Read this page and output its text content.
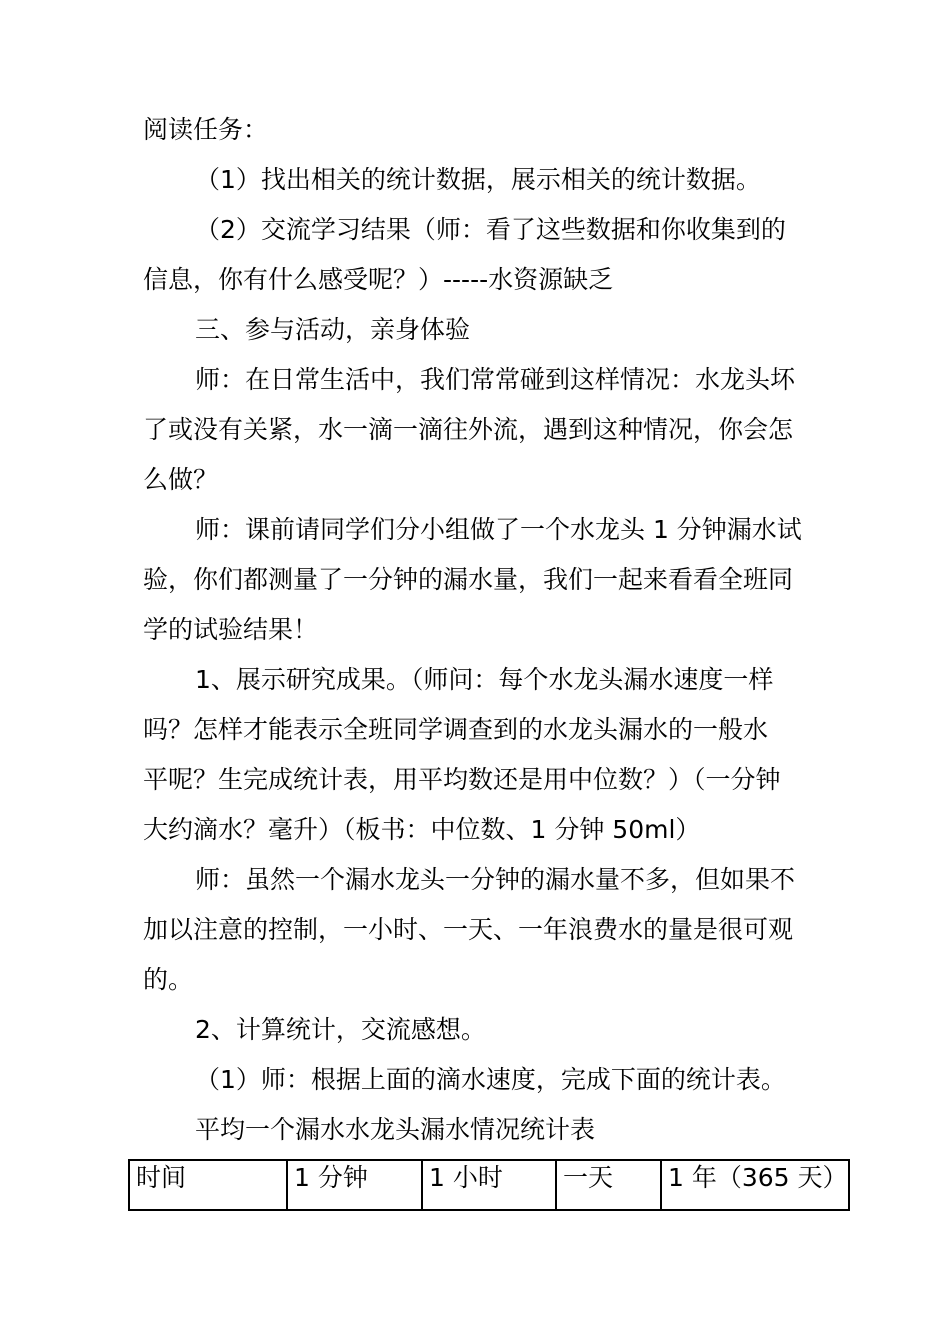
阅读任务：
（1）找出相关的统计数据，展示相关的统计数据。
（2）交流学习结果（师：看了这些数据和你收集到的
信息，你有什么感受呢？）-----水资源缺乏
三、参与活动，亲身体验
师：在日常生活中，我们常常碰到这样情况：水龙头坏
了或没有关紧，水一滴一滴往外流，遇到这种情况，你会怎
么做？
师：课前请同学们分小组做了一个水龙头 1 分钟漏水试
验，你们都测量了一分钟的漏水量，我们一起来看看全班同
学的试验结果！
1、展示研究成果。（师问：每个水龙头漏水速度一样
吗？怎样才能表示全班同学调查到的水龙头漏水的一般水
平呢？生完成统计表，用平均数还是用中位数？）（一分钟
大约滴水？毫升）（板书：中位数、1 分钟 50ml）
师：虽然一个漏水龙头一分钟的漏水量不多，但如果不
加以注意的控制，一小时、一天、一年浪费水的量是很可观
的。
2、计算统计，交流感想。
（1）师：根据上面的滴水速度，完成下面的统计表。
平均一个漏水水龙头漏水情况统计表
时间	1 分钟	1 小时	一天	1 年（365 天）
